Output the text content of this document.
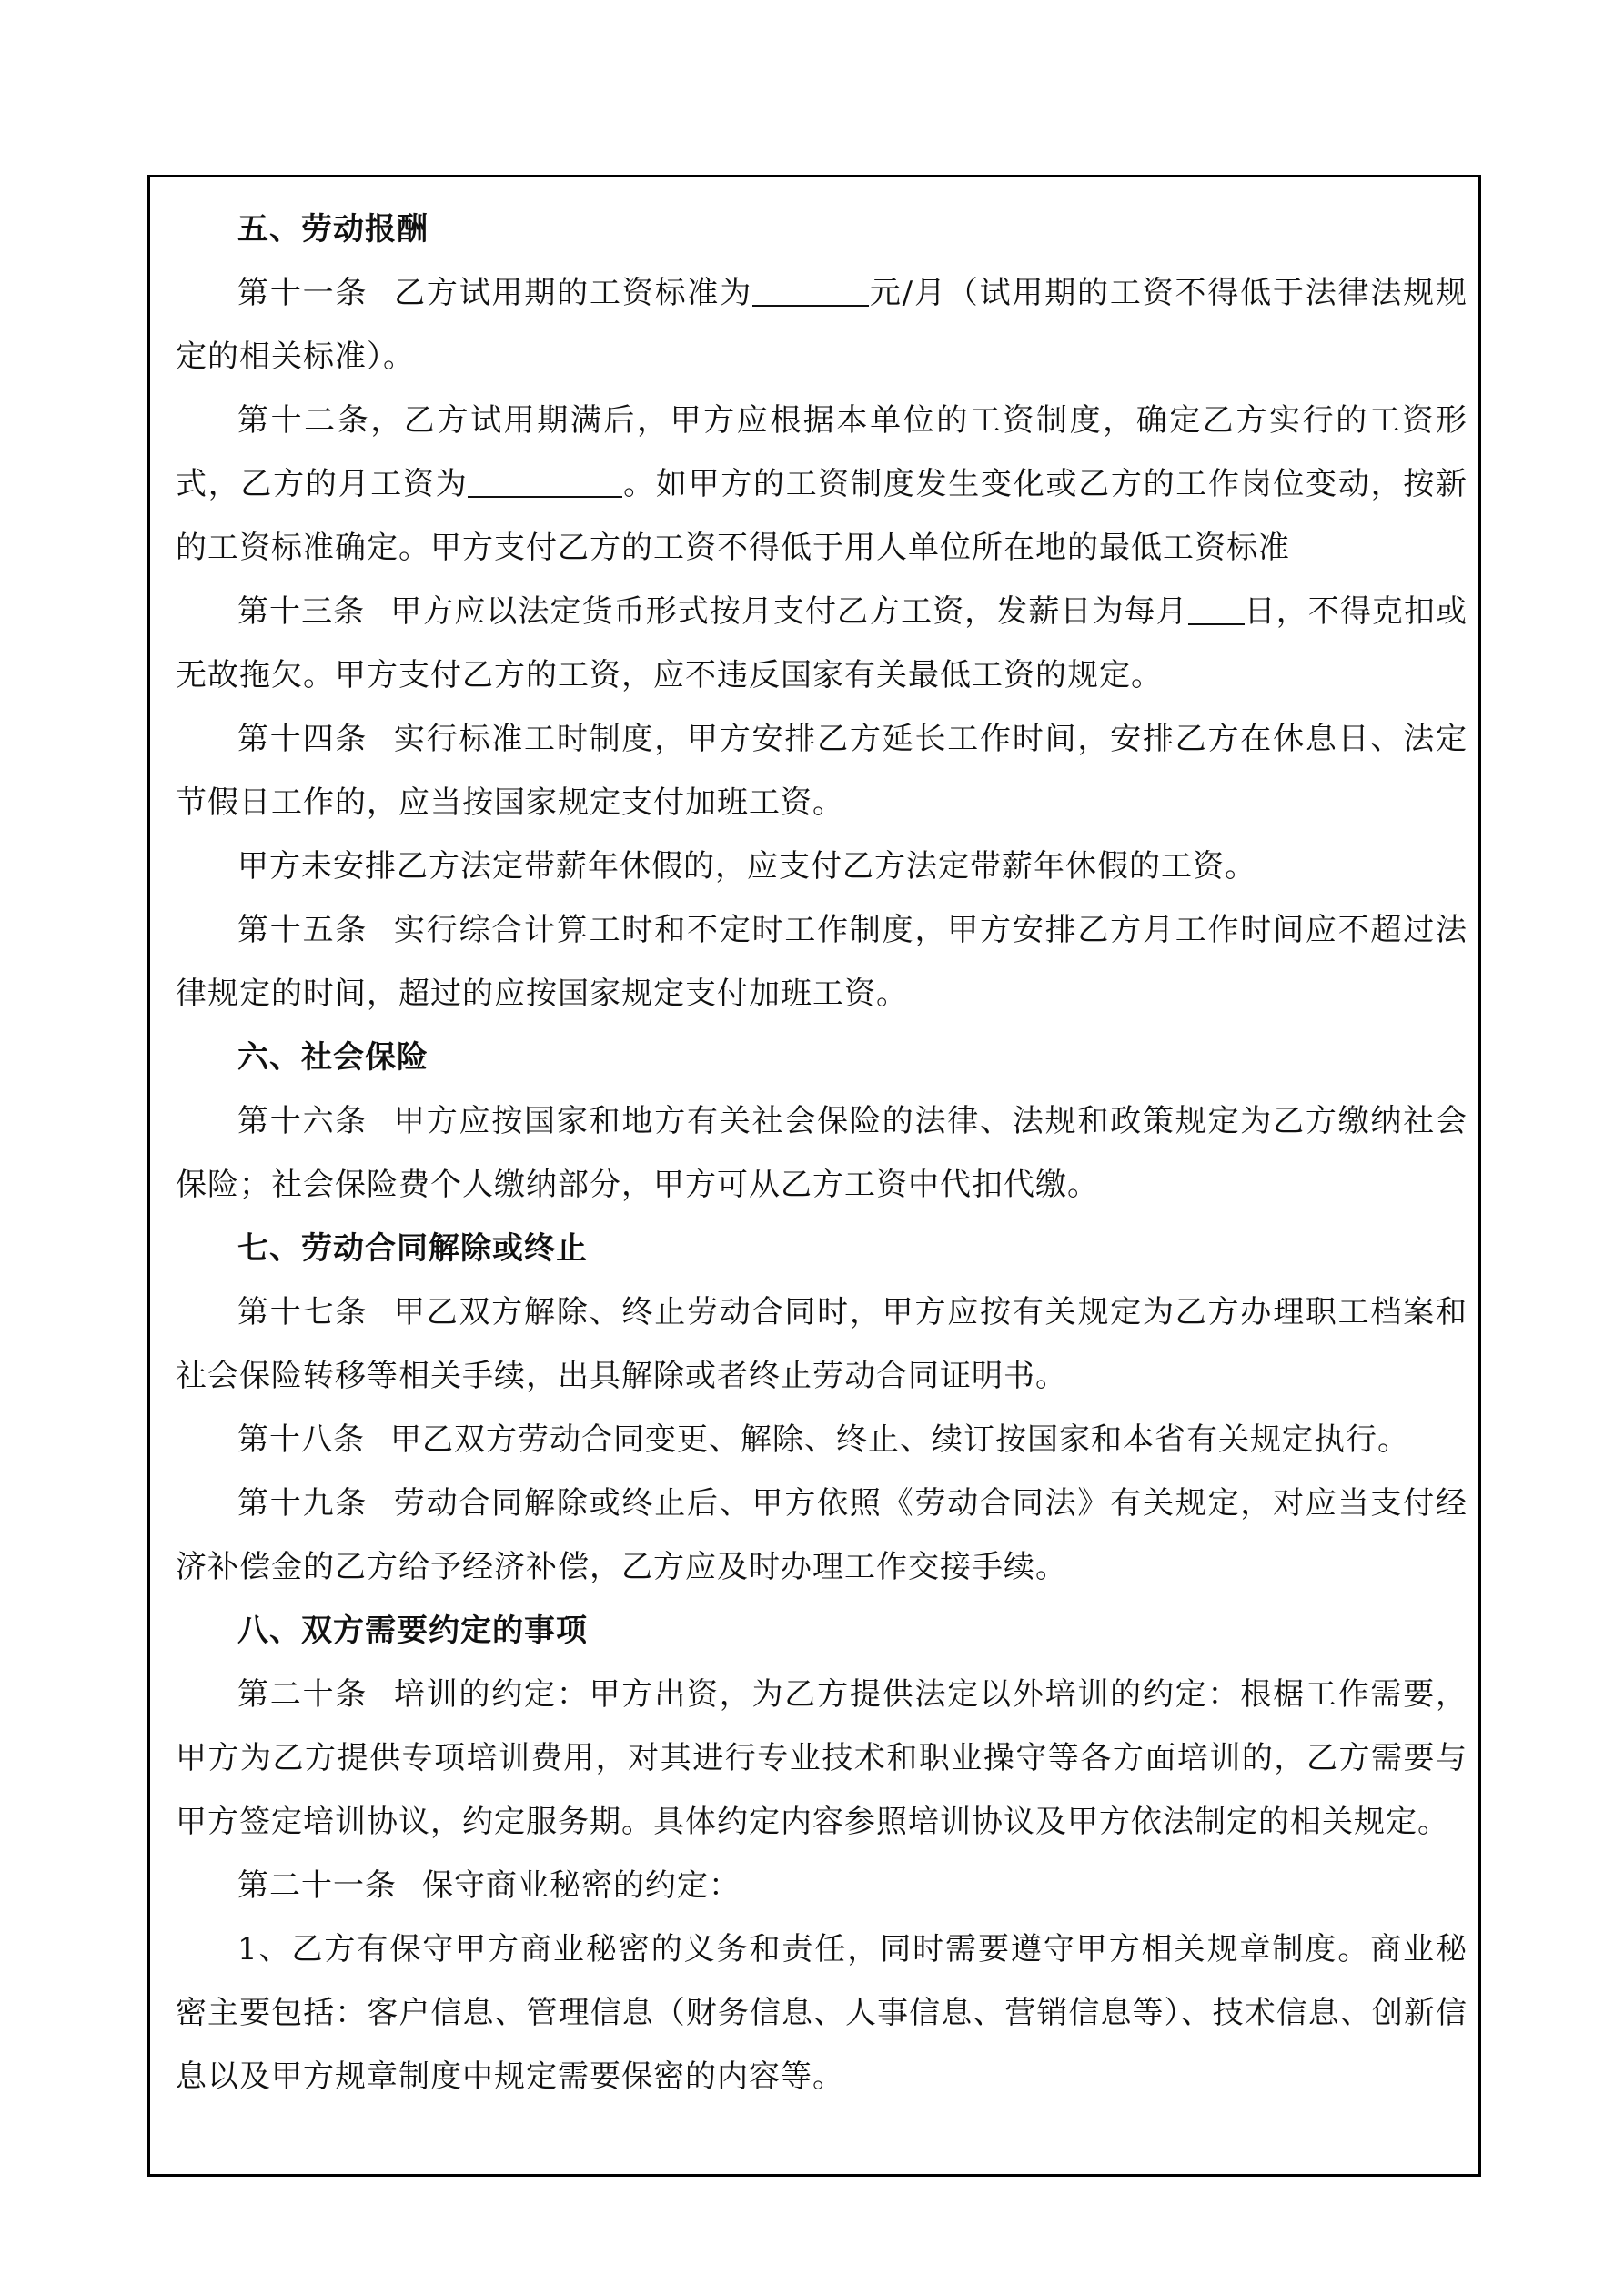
五、劳动报酬
第十一条 乙方试用期的工资标准为	元/月（试用期的工资不得低于法律法规规定的相关标准）。
第十二条，乙方试用期满后，甲方应根据本单位的工资制度，确定乙方实行的工资形式，乙方的月工资为	。如甲方的工资制度发生变化或乙方的工作岗位变动，按新的工资标准确定。甲方支付乙方的工资不得低于用人单位所在地的最低工资标准
第十三条 甲方应以法定货币形式按月支付乙方工资，发薪日为每月 日，不得克扣或无故拖欠。甲方支付乙方的工资，应不违反国家有关最低工资的规定。
第十四条 实行标准工时制度，甲方安排乙方延长工作时间，安排乙方在休息日、法定节假日工作的，应当按国家规定支付加班工资。
甲方未安排乙方法定带薪年休假的，应支付乙方法定带薪年休假的工资。
第十五条 实行综合计算工时和不定时工作制度，甲方安排乙方月工作时间应不超过法律规定的时间，超过的应按国家规定支付加班工资。
六、社会保险
第十六条 甲方应按国家和地方有关社会保险的法律、法规和政策规定为乙方缴纳社会保险；社会保险费个人缴纳部分，甲方可从乙方工资中代扣代缴。
七、劳动合同解除或终止
第十七条 甲乙双方解除、终止劳动合同时，甲方应按有关规定为乙方办理职工档案和社会保险转移等相关手续，出具解除或者终止劳动合同证明书。
第十八条 甲乙双方劳动合同变更、解除、终止、续订按国家和本省有关规定执行。
第十九条 劳动合同解除或终止后、甲方依照《劳动合同法》有关规定，对应当支付经济补偿金的乙方给予经济补偿，乙方应及时办理工作交接手续。
八、双方需要约定的事项
第二十条 培训的约定：甲方出资，为乙方提供法定以外培训的约定：根椐工作需要，甲方为乙方提供专项培训费用，对其进行专业技术和职业操守等各方面培训的，乙方需要与甲方签定培训协议，约定服务期。具体约定内容参照培训协议及甲方依法制定的相关规定。
第二十一条 保守商业秘密的约定：
1、乙方有保守甲方商业秘密的义务和责任，同时需要遵守甲方相关规章制度。商业秘密主要包括：客户信息、管理信息（财务信息、人事信息、营销信息等）、技术信息、创新信息以及甲方规章制度中规定需要保密的内容等。
